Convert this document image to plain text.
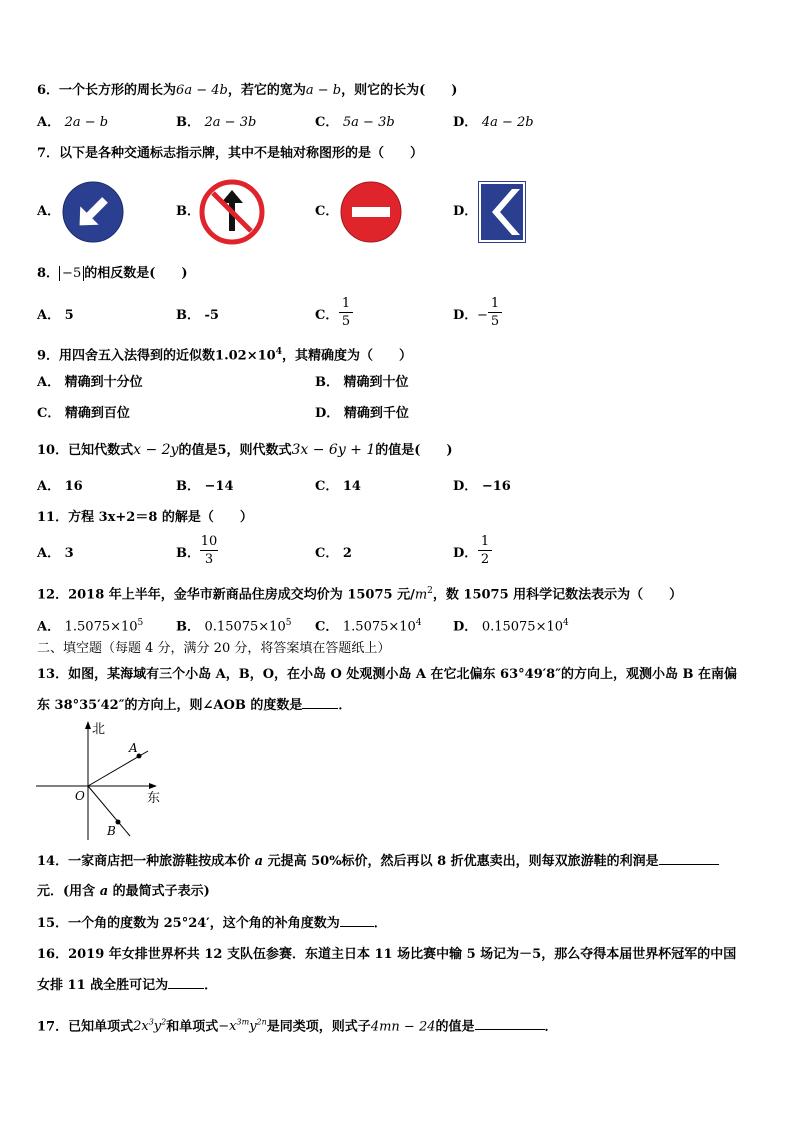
6．一个长方形的周长为6a − 4b，若它的宽为a − b，则它的长为(　　)
A． 2a − b	B． 2a − 3b	C． 5a − 3b	D． 4a − 2b
7．以下是各种交通标志指示牌，其中不是轴对称图形的是（　　）
A．	B．	C．	D．
8． −5 的相反数是(　　)
A． 5	B． -5	C．
1
5	D． −
1
5
9．用四舍五入法得到的近似数$1.02\times 10^4$，其精确度为（　　）
A． 精确到十分位	B． 精确到十位
C． 精确到百位	D． 精确到千位
10．已知代数式x − 2y的值是5，则代数式3x − 6y + 1的值是(　　)
A． 16	B． −14	C． 14	D． −16
11．方程 3x+2＝8 的解是（　　）
A． 3	B．
10
3	C． 2	D．
1
2
12．2018 年上半年，金华市新商品住房成交均价为 15075 元$/m^2$，数 15075 用科学记数法表示为（　　）
A． $1.5075\times 10^5$	B． $0.15075\times 10^5$ C． $1.5075\times 10^4$ D． $0.15075\times 10^4$
二、填空题（每题 4 分，满分 20 分，将答案填在答题纸上）
13．如图，某海域有三个小岛 A，B，O，在小岛 O 处观测小岛 A 在它北偏东 63°49′8″的方向上，观测小岛 B 在南偏
东 38°35′42″的方向上，则∠AOB 的度数是	．
北
东
A
B
O
14．一家商店把一种旅游鞋按成本价 a 元提高 50%标价，然后再以 8 折优惠卖出，则每双旅游鞋的利润是
元．(用含 a 的最简式子表示)
15．一个角的度数为 25°24′，这个角的补角度数为	．
16．2019 年女排世界杯共 12 支队伍参赛．东道主日本 11 场比赛中输 5 场记为－5，那么夺得本届世界杯冠军的中国
女排 11 战全胜可记为	．
17．已知单项式$2x^3y^2$和单项式$-x^{3m}y^{2n}$是同类项，则式子4mn − 24的值是	．
